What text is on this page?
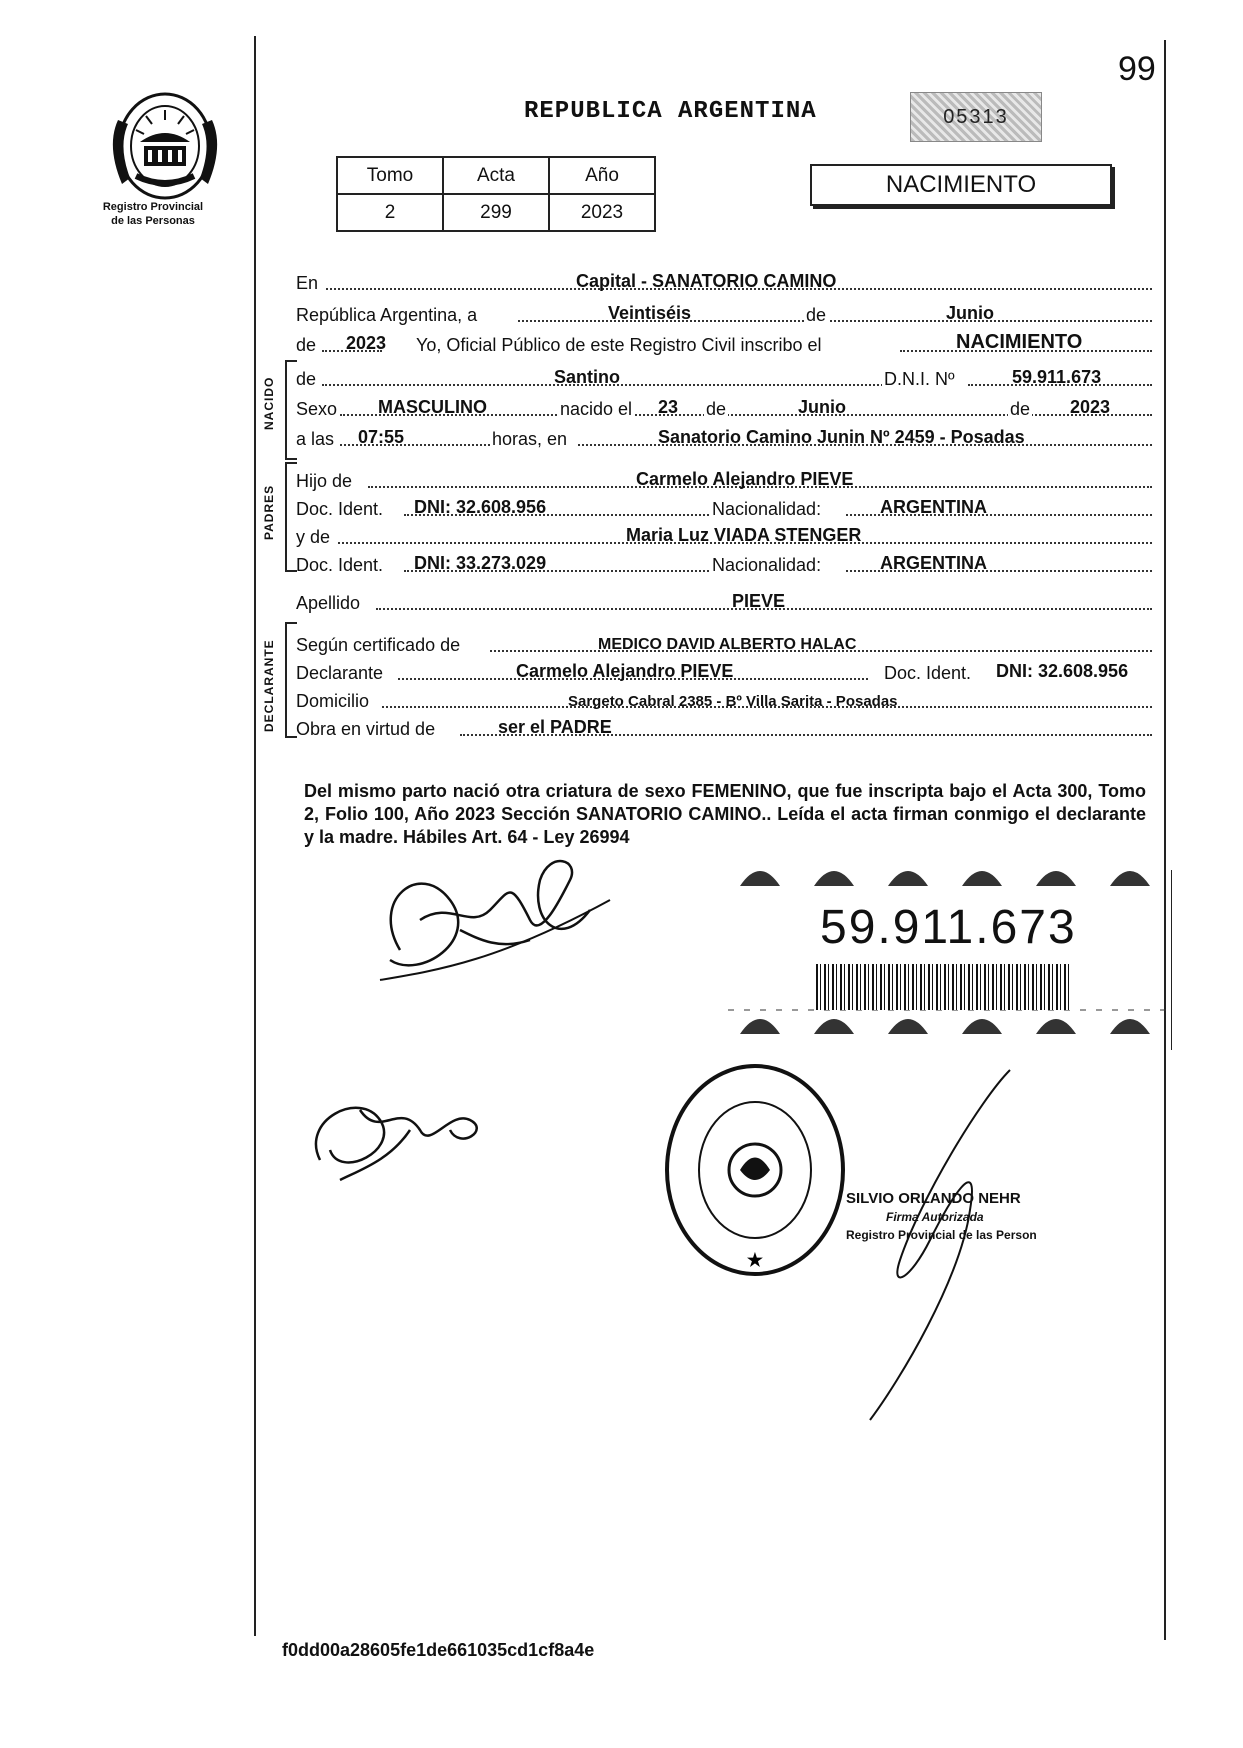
99
Registro Provincial
de las Personas
REPUBLICA ARGENTINA	05313
Tomo	Acta	Año
2	299	2023
NACIMIENTO
En	Capital - SANATORIO CAMINO
República Argentina, a	Veintiséis	de	Junio
de 2023 Yo, Oficial Público de este Registro Civil inscribo el	NACIMIENTO
NACIDO de	Santino	D.N.I. Nº	59.911.673
Sexo MASCULINO	nacido el 23 de	Junio	de 2023
a las 07:55	horas, en	Sanatorio Camino Junin Nº 2459 - Posadas
PADRES
Hijo de	Carmelo Alejandro PIEVE
Doc. Ident. DNI: 32.608.956	Nacionalidad:	ARGENTINA
y de	Maria Luz VIADA STENGER
Doc. Ident. DNI: 33.273.029	Nacionalidad:	ARGENTINA
Apellido	PIEVE
DECLARANTE Según certificado de	MEDICO DAVID ALBERTO HALAC
Declarante	Carmelo Alejandro PIEVE	Doc. Ident. DNI: 32.608.956
Domicilio	Sargeto Cabral 2385 - Bº Villa Sarita - Posadas
Obra en virtud de	ser el PADRE
Del mismo parto nació otra criatura de sexo FEMENINO, que fue inscripta bajo el Acta 300, Tomo 2, Folio 100, Año 2023 Sección SANATORIO CAMINO.. Leída el acta firman conmigo el declarante y la madre. Hábiles Art. 64 - Ley 26994
59.911.673
★
SILVIO ORLANDO NEHR
Firma Autorizada
Registro Provincial de las Person
f0dd00a28605fe1de661035cd1cf8a4e
